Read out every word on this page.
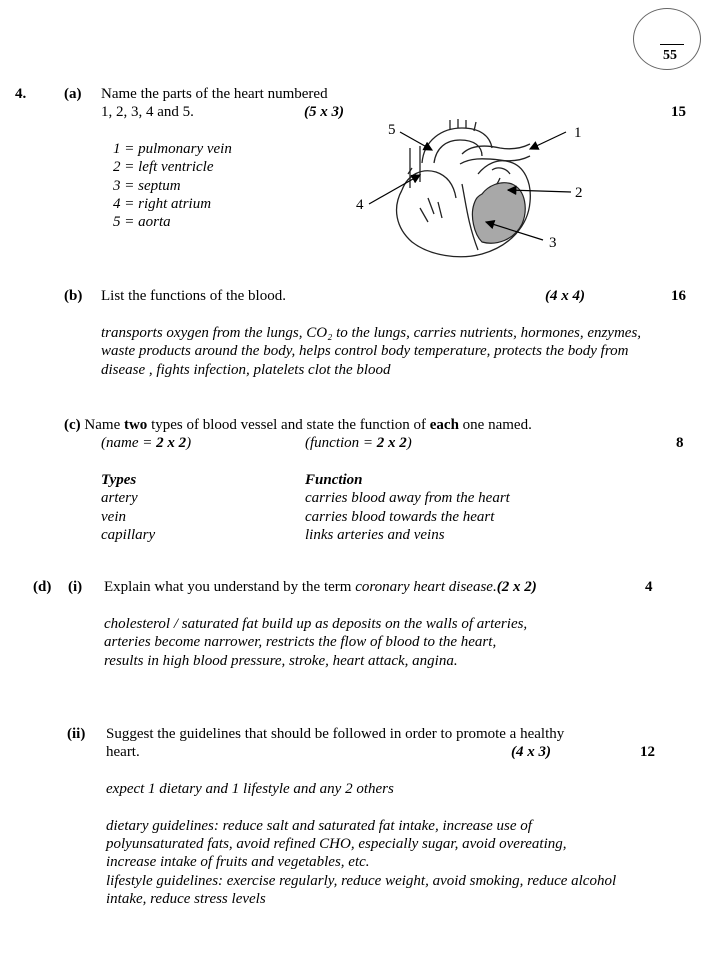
55
4.	(a) Name the parts of the heart numbered
1, 2, 3, 4 and 5.	(5 x 3)	15
1 = pulmonary vein
2 = left ventricle
3 = septum
4 = right atrium
5 = aorta
1
2
3
4
5
(b) List the functions of the blood.	(4 x 4)	16
transports oxygen from the lungs, CO₂ to the lungs, carries nutrients, hormones, enzymes,
waste products around the body, helps control body temperature, protects the body from
disease , fights infection, platelets clot the blood
(c) Name two types of blood vessel and state the function of each one named.
(name = 2 x 2)	(function = 2 x 2)	8
Types	Function
artery	carries blood away from the heart
vein	carries blood towards the heart
capillary	links arteries and veins
(d) (i) Explain what you understand by the term coronary heart disease.(2 x 2)	4
cholesterol / saturated fat build up as deposits on the walls of arteries,
arteries become narrower, restricts the flow of blood to the heart,
results in high blood pressure, stroke, heart attack, angina.
(ii) Suggest the guidelines that should be followed in order to promote a healthy
heart.	(4 x 3)	12
expect 1 dietary and 1 lifestyle and any 2 others
dietary guidelines: reduce salt and saturated fat intake, increase use of
polyunsaturated fats, avoid refined CHO, especially sugar, avoid overeating,
increase intake of fruits and vegetables, etc.
lifestyle guidelines: exercise regularly, reduce weight, avoid smoking, reduce alcohol
intake, reduce stress levels
